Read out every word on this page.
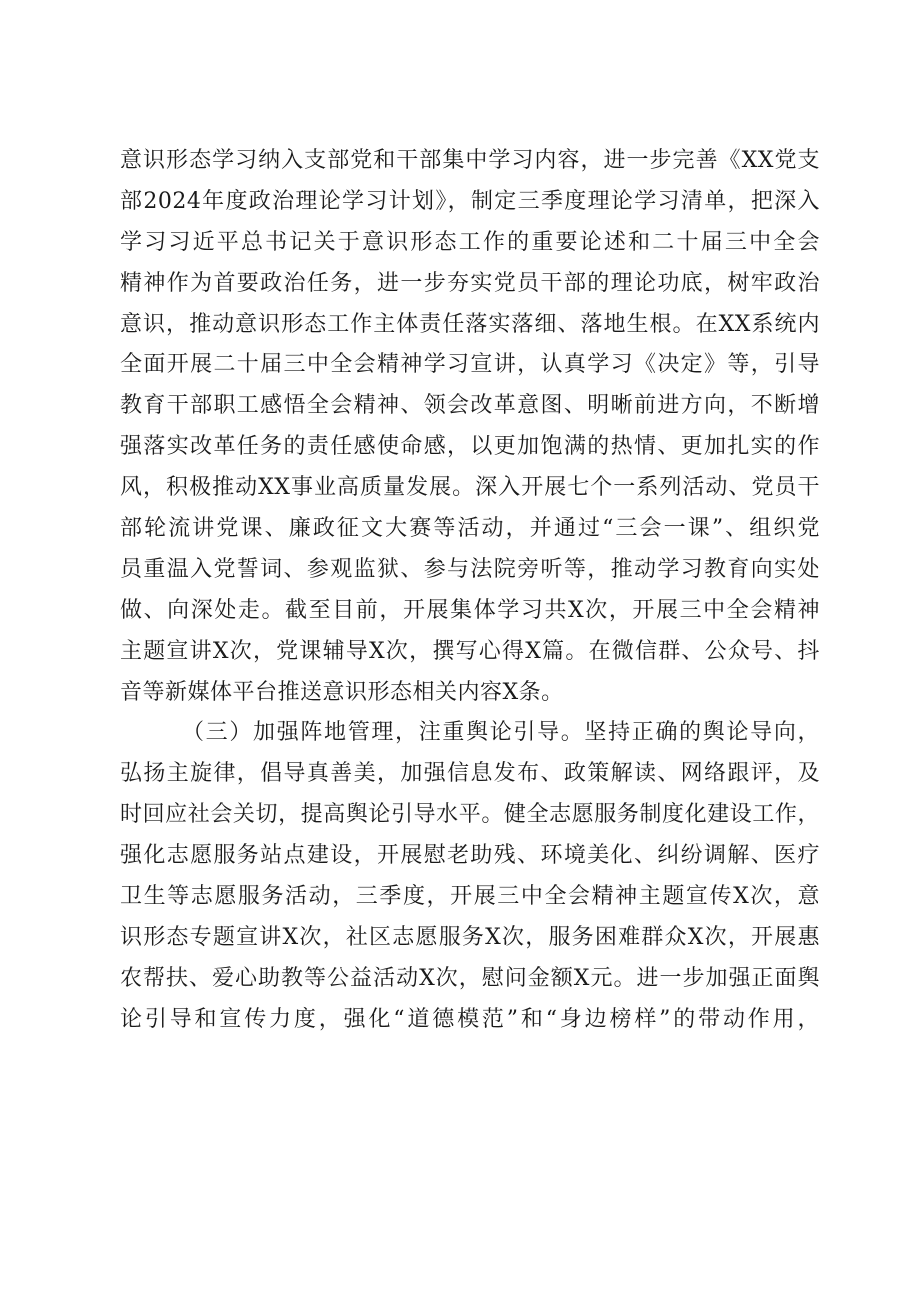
意识形态学习纳入支部党和干部集中学习内容，进一步完善《XX党支
部2024年度政治理论学习计划》，制定三季度理论学习清单，把深入
学习习近平总书记关于意识形态工作的重要论述和二十届三中全会
精神作为首要政治任务，进一步夯实党员干部的理论功底，树牢政治
意识，推动意识形态工作主体责任落实落细、落地生根。在XX系统内
全面开展二十届三中全会精神学习宣讲，认真学习《决定》等，引导
教育干部职工感悟全会精神、领会改革意图、明晰前进方向，不断增
强落实改革任务的责任感使命感，以更加饱满的热情、更加扎实的作
风，积极推动XX事业高质量发展。深入开展七个一系列活动、党员干
部轮流讲党课、廉政征文大赛等活动，并通过“三会一课”、组织党
员重温入党誓词、参观监狱、参与法院旁听等，推动学习教育向实处
做、向深处走。截至目前，开展集体学习共X次，开展三中全会精神
主题宣讲X次，党课辅导X次，撰写心得X篇。在微信群、公众号、抖
音等新媒体平台推送意识形态相关内容X条。
（三）加强阵地管理，注重舆论引导。坚持正确的舆论导向，
弘扬主旋律，倡导真善美，加强信息发布、政策解读、网络跟评，及
时回应社会关切，提高舆论引导水平。健全志愿服务制度化建设工作，
强化志愿服务站点建设，开展慰老助残、环境美化、纠纷调解、医疗
卫生等志愿服务活动，三季度，开展三中全会精神主题宣传X次，意
识形态专题宣讲X次，社区志愿服务X次，服务困难群众X次，开展惠
农帮扶、爱心助教等公益活动X次，慰问金额X元。进一步加强正面舆
论引导和宣传力度，强化“道德模范”和“身边榜样”的带动作用，
